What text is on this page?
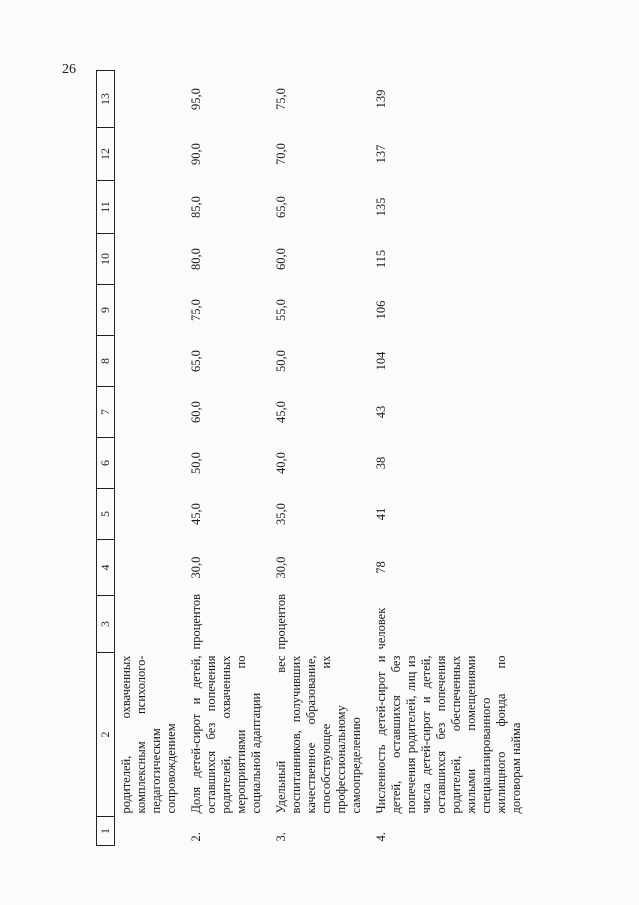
26
1	2	3	4	5	6	7	8	9	10	11	12	13
	родителей, охваченных комплексным психолого-педагогическим сопровождением											
2.	Доля детей-сирот и детей, оставшихся без попечения родителей, охваченных мероприятиями по социальной адаптации	процентов	30,0	45,0	50,0	60,0	65,0	75,0	80,0	85,0	90,0	95,0
3.	Удельный вес воспитанников, получивших качественное образование, способствующее их профессиональному самоопределению	процентов	30,0	35,0	40,0	45,0	50,0	55,0	60,0	65,0	70,0	75,0
4.	Численность детей-сирот и детей, оставшихся без попечения родителей, лиц из числа детей-сирот и детей, оставшихся без попечения родителей, обеспеченных жилыми помещениями специализированного жилищного фонда по договорам найма	человек	78	41	38	43	104	106	115	135	137	139
